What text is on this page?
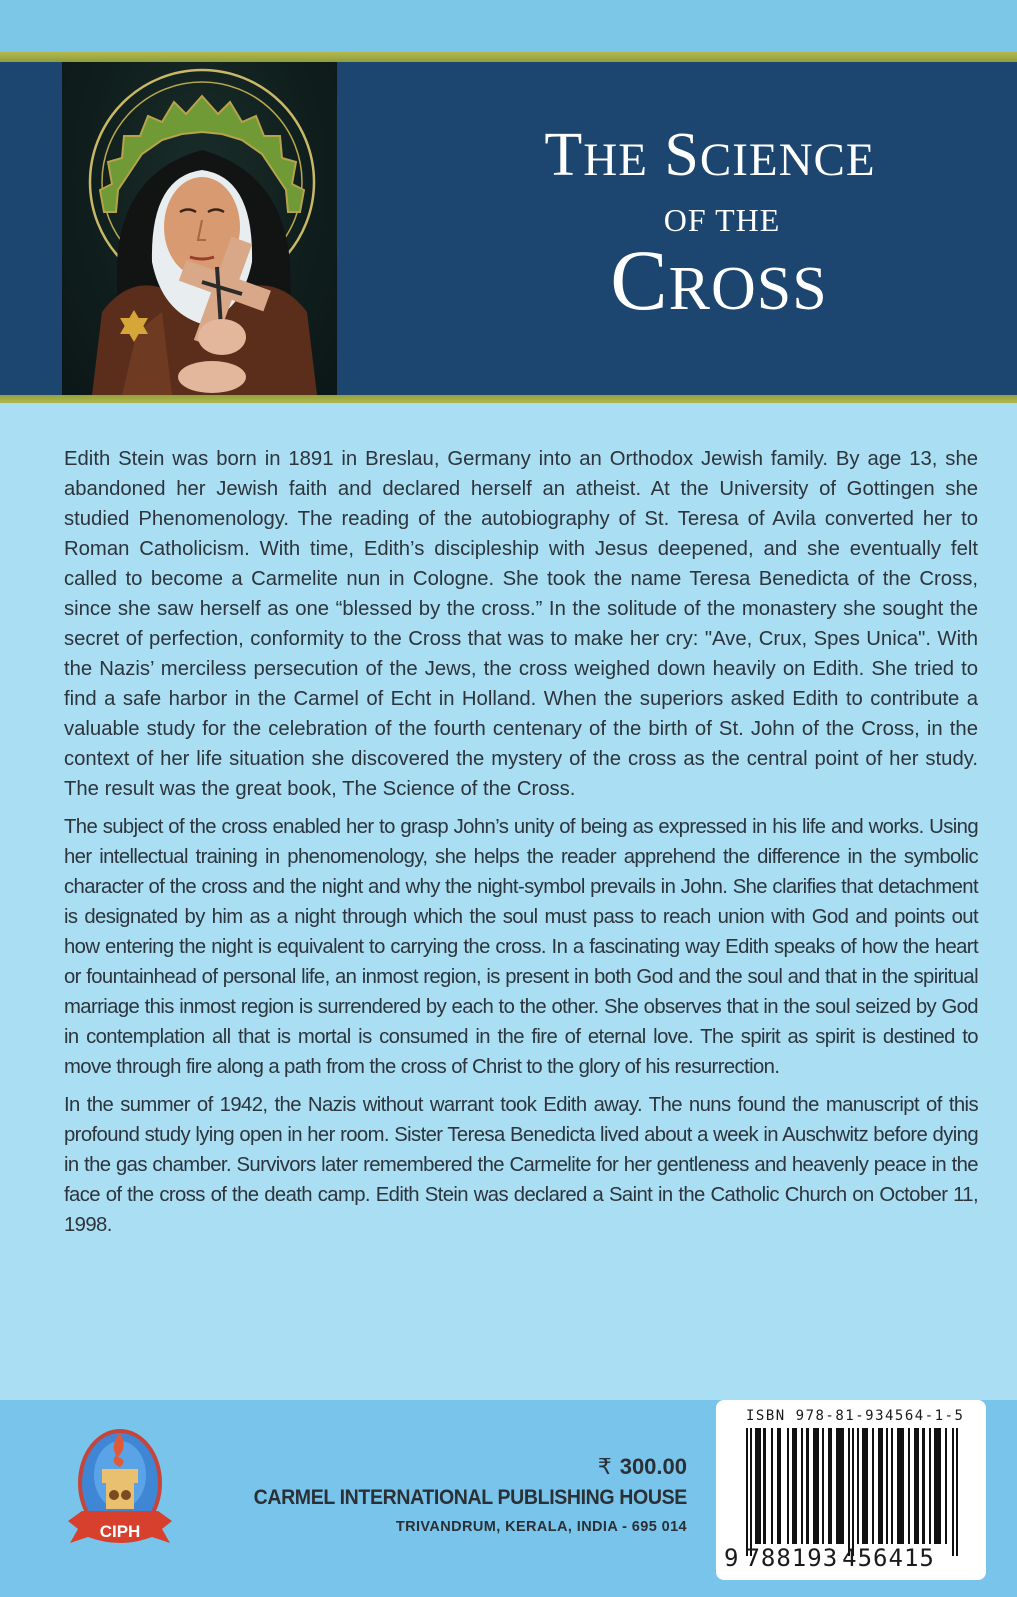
THE SCIENCE
OF THE
CROSS

Edith Stein was born in 1891 in Breslau, Germany into an Orthodox Jewish family. By age 13, she abandoned her Jewish faith and declared herself an atheist. At the University of Gottingen she studied Phenomenology. The reading of the autobiography of St. Teresa of Avila converted her to Roman Catholicism. With time, Edith’s discipleship with Jesus deepened, and she eventually felt called to become a Carmelite nun in Cologne. She took the name Teresa Benedicta of the Cross, since she saw herself as one “blessed by the cross.” In the solitude of the monastery she sought the secret of perfection, conformity to the Cross that was to make her cry: "Ave, Crux, Spes Unica". With the Nazis’ merciless persecution of the Jews, the cross weighed down heavily on Edith. She tried to find a safe harbor in the Carmel of Echt in Holland. When the superiors asked Edith to contribute a valuable study for the celebration of the fourth centenary of the birth of St. John of the Cross, in the context of her life situation she discovered the mystery of the cross as the central point of her study. The result was the great book, The Science of the Cross.

The subject of the cross enabled her to grasp John’s unity of being as expressed in his life and works. Using her intellectual training in phenomenology, she helps the reader apprehend the difference in the symbolic character of the cross and the night and why the night-symbol prevails in John. She clarifies that detachment is designated by him as a night through which the soul must pass to reach union with God and points out how entering the night is equivalent to carrying the cross. In a fascinating way Edith speaks of how the heart or fountainhead of personal life, an inmost region, is present in both God and the soul and that in the spiritual marriage this inmost region is surrendered by each to the other. She observes that in the soul seized by God in contemplation all that is mortal is consumed in the fire of eternal love. The spirit as spirit is destined to move through fire along a path from the cross of Christ to the glory of his resurrection.

In the summer of 1942, the Nazis without warrant took Edith away. The nuns found the manuscript of this profound study lying open in her room. Sister Teresa Benedicta lived about a week in Auschwitz before dying in the gas chamber. Survivors later remembered the Carmelite for her gentleness and heavenly peace in the face of the cross of the death camp. Edith Stein was declared a Saint in the Catholic Church on October 11, 1998.

CIPH
₹ 300.00
CARMEL INTERNATIONAL PUBLISHING HOUSE
TRIVANDRUM, KERALA, INDIA - 695 014
ISBN 978-81-934564-1-5
9 788193 456415
